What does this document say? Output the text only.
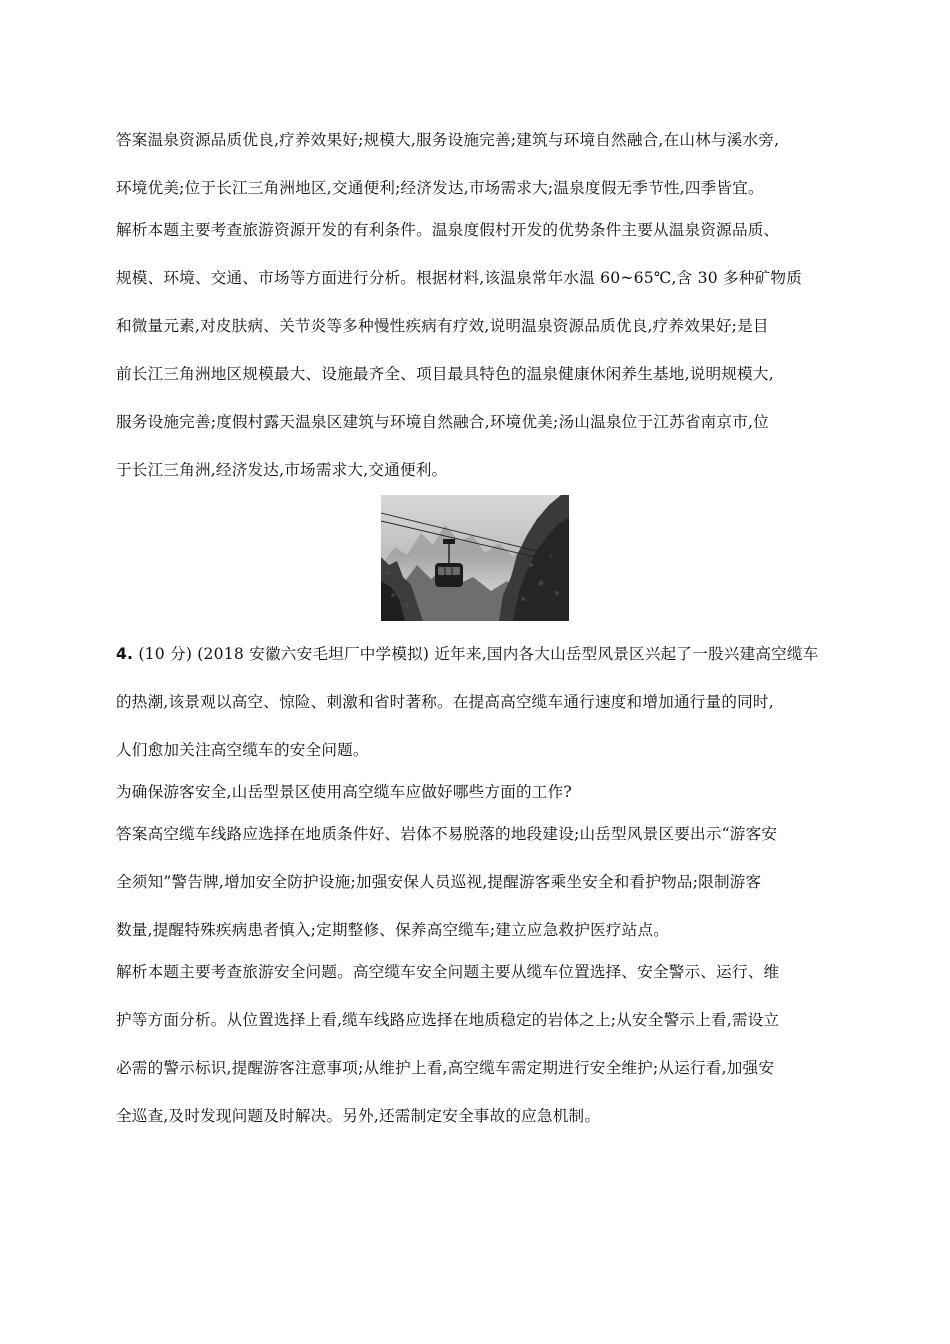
答案温泉资源品质优良,疗养效果好;规模大,服务设施完善;建筑与环境自然融合,在山林与溪水旁,
环境优美;位于长江三角洲地区,交通便利;经济发达,市场需求大;温泉度假无季节性,四季皆宜。
解析本题主要考查旅游资源开发的有利条件。温泉度假村开发的优势条件主要从温泉资源品质、
规模、环境、交通、市场等方面进行分析。根据材料,该温泉常年水温 60~65℃,含 30 多种矿物质
和微量元素,对皮肤病、关节炎等多种慢性疾病有疗效,说明温泉资源品质优良,疗养效果好;是目
前长江三角洲地区规模最大、设施最齐全、项目最具特色的温泉健康休闲养生基地,说明规模大,
服务设施完善;度假村露天温泉区建筑与环境自然融合,环境优美;汤山温泉位于江苏省南京市,位
于长江三角洲,经济发达,市场需求大,交通便利。
4. (10 分) (2018 安徽六安毛坦厂中学模拟) 近年来,国内各大山岳型风景区兴起了一股兴建高空缆车
的热潮,该景观以高空、惊险、刺激和省时著称。在提高高空缆车通行速度和增加通行量的同时,
人们愈加关注高空缆车的安全问题。
为确保游客安全,山岳型景区使用高空缆车应做好哪些方面的工作?
答案高空缆车线路应选择在地质条件好、岩体不易脱落的地段建设;山岳型风景区要出示“游客安
全须知”警告牌,增加安全防护设施;加强安保人员巡视,提醒游客乘坐安全和看护物品;限制游客
数量,提醒特殊疾病患者慎入;定期整修、保养高空缆车;建立应急救护医疗站点。
解析本题主要考查旅游安全问题。高空缆车安全问题主要从缆车位置选择、安全警示、运行、维
护等方面分析。从位置选择上看,缆车线路应选择在地质稳定的岩体之上;从安全警示上看,需设立
必需的警示标识,提醒游客注意事项;从维护上看,高空缆车需定期进行安全维护;从运行看,加强安
全巡查,及时发现问题及时解决。另外,还需制定安全事故的应急机制。
